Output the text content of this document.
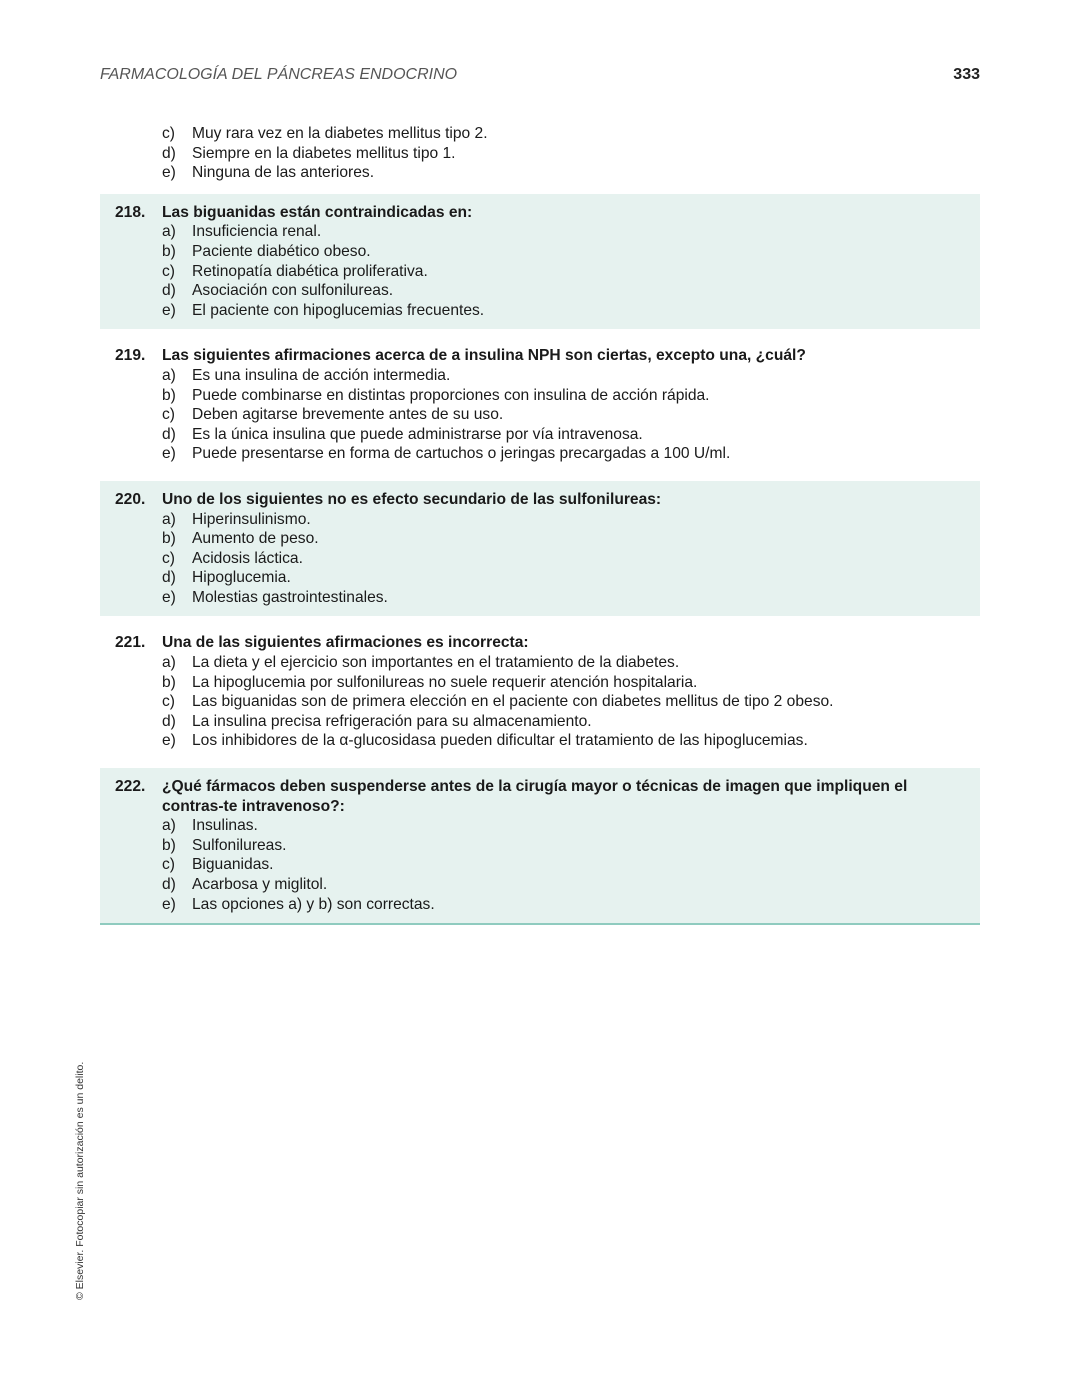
FARMACOLOGÍA DEL PÁNCREAS ENDOCRINO	333
c) Muy rara vez en la diabetes mellitus tipo 2.
d) Siempre en la diabetes mellitus tipo 1.
e) Ninguna de las anteriores.
218. Las biguanidas están contraindicadas en:
a) Insuficiencia renal.
b) Paciente diabético obeso.
c) Retinopatía diabética proliferativa.
d) Asociación con sulfonilureas.
e) El paciente con hipoglucemias frecuentes.
219. Las siguientes afirmaciones acerca de a insulina NPH son ciertas, excepto una, ¿cuál?
a) Es una insulina de acción intermedia.
b) Puede combinarse en distintas proporciones con insulina de acción rápida.
c) Deben agitarse brevemente antes de su uso.
d) Es la única insulina que puede administrarse por vía intravenosa.
e) Puede presentarse en forma de cartuchos o jeringas precargadas a 100 U/ml.
220. Uno de los siguientes no es efecto secundario de las sulfonilureas:
a) Hiperinsulinismo.
b) Aumento de peso.
c) Acidosis láctica.
d) Hipoglucemia.
e) Molestias gastrointestinales.
221. Una de las siguientes afirmaciones es incorrecta:
a) La dieta y el ejercicio son importantes en el tratamiento de la diabetes.
b) La hipoglucemia por sulfonilureas no suele requerir atención hospitalaria.
c) Las biguanidas son de primera elección en el paciente con diabetes mellitus de tipo 2 obeso.
d) La insulina precisa refrigeración para su almacenamiento.
e) Los inhibidores de la α-glucosidasa pueden dificultar el tratamiento de las hipoglucemias.
222. ¿Qué fármacos deben suspenderse antes de la cirugía mayor o técnicas de imagen que impliquen el contras-te intravenoso?:
a) Insulinas.
b) Sulfonilureas.
c) Biguanidas.
d) Acarbosa y miglitol.
e) Las opciones a) y b) son correctas.
© Elsevier. Fotocopiar sin autorización es un delito.
